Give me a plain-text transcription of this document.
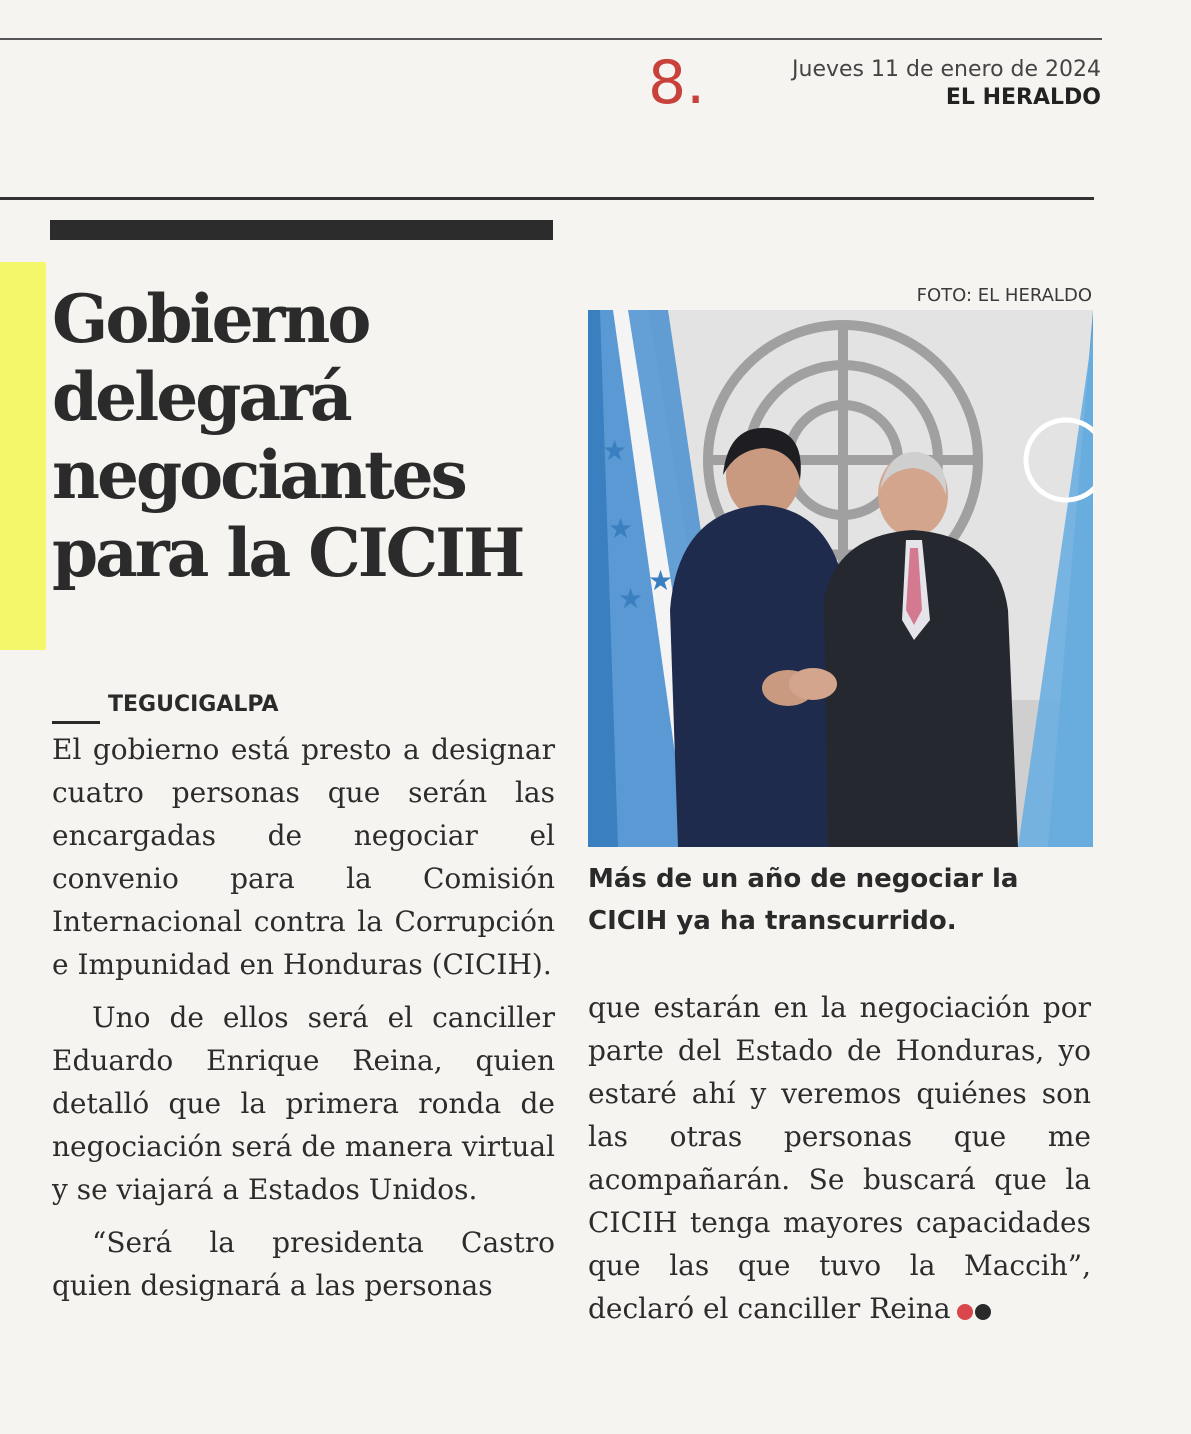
8.	Jueves 11 de enero de 2024
EL HERALDO
Gobierno delegará negociantes para la CICIH
FOTO: EL HERALDO
★
★
★
★
Más de un año de negociar la CICIH ya ha transcurrido.
TEGUCIGALPA

El gobierno está presto a designar cuatro personas que serán las encargadas de negociar el convenio para la Comisión Internacional contra la Corrupción e Impunidad en Honduras (CICIH).

Uno de ellos será el canciller Eduardo Enrique Reina, quien detalló que la primera ronda de negociación será de manera virtual y se viajará a Estados Unidos.

“Será la presidenta Castro quien designará a las personas

que estarán en la negociación por parte del Estado de Honduras, yo estaré ahí y veremos quiénes son las otras personas que me acompañarán. Se buscará que la CICIH tenga mayores capacidades que las que tuvo la Maccih”, declaró el canciller Reina
